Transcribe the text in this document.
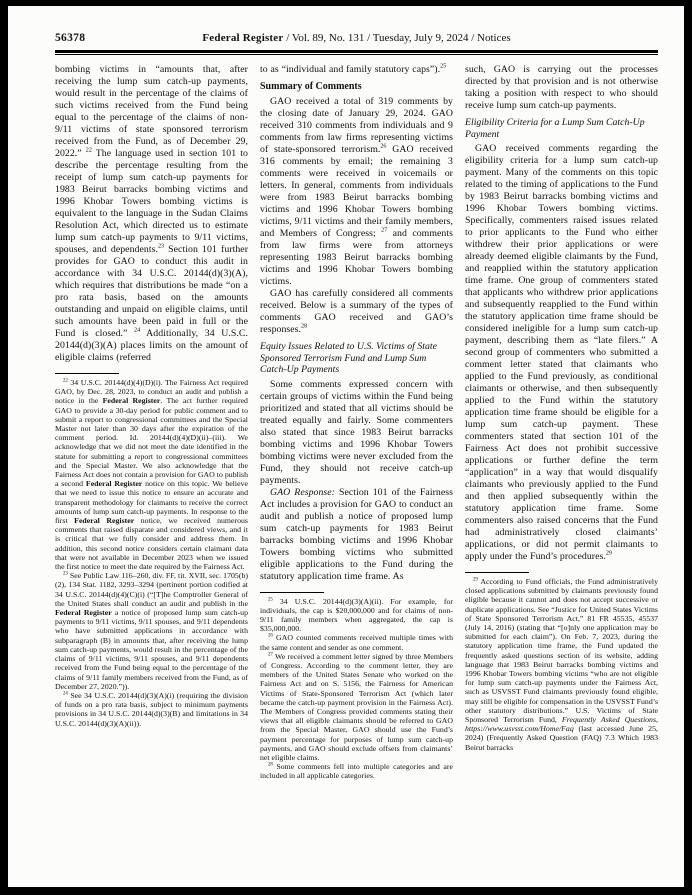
56378	Federal Register / Vol. 89, No. 131 / Tuesday, July 9, 2024 / Notices

bombing victims in “amounts that, after receiving the lump sum catch-up payments, would result in the percentage of the claims of such victims received from the Fund being equal to the percentage of the claims of non-9/11 victims of state sponsored terrorism received from the Fund, as of December 29, 2022.” $^{22}$ The language used in section 101 to describe the percentage resulting from the receipt of lump sum catch-up payments for 1983 Beirut barracks bombing victims and 1996 Khobar Towers bombing victims is equivalent to the language in the Sudan Claims Resolution Act, which directed us to estimate lump sum catch-up payments to 9/11 victims, spouses, and dependents.$^{23}$ Section 101 further provides for GAO to conduct this audit in accordance with 34 U.S.C. 20144(d)(3)(A), which requires that distributions be made “on a pro rata basis, based on the amounts outstanding and unpaid on eligible claims, until such amounts have been paid in full or the Fund is closed.” $^{24}$ Additionally, 34 U.S.C. 20144(d)(3)(A) places limits on the amount of eligible claims (referred

$^{22}$ 34 U.S.C. 20144(d)(4)(D)(i). The Fairness Act required GAO, by Dec. 28, 2023, to conduct an audit and publish a notice in the Federal Register. The act further required GAO to provide a 30-day period for public comment and to submit a report to congressional committees and the Special Master not later than 30 days after the expiration of the comment period. Id. 20144(d)(4)(D)(ii)–(iii). We acknowledge that we did not meet the date identified in the statute for submitting a report to congressional committees and the Special Master. We also acknowledge that the Fairness Act does not contain a provision for GAO to publish a second Federal Register notice on this topic. We believe that we need to issue this notice to ensure an accurate and transparent methodology for claimants to receive the correct amounts of lump sum catch-up payments. In response to the first Federal Register notice, we received numerous comments that raised disparate and considered views, and it is critical that we fully consider and address them. In addition, this second notice considers certain claimant data that were not available in December 2023 when we issued the first notice to meet the date required by the Fairness Act.

$^{23}$ See Public Law 116–260, div. FF, tit. XVII, sec. 1705(b)(2), 134 Stat. 1182, 3293–3294 (pertinent portion codified at 34 U.S.C. 20144(d)(4)(C)(i) (“[T]he Comptroller General of the United States shall conduct an audit and publish in the Federal Register a notice of proposed lump sum catch-up payments to 9/11 victims, 9/11 spouses, and 9/11 dependents who have submitted applications in accordance with subparagraph (B) in amounts that, after receiving the lump sum catch-up payments, would result in the percentage of the claims of 9/11 victims, 9/11 spouses, and 9/11 dependents received from the Fund being equal to the percentage of the claims of 9/11 family members received from the Fund, as of December 27, 2020.”)).

$^{24}$ See 34 U.S.C. 20144(d)(3)(A)(i) (requiring the division of funds on a pro rata basis, subject to minimum payments provisions in 34 U.S.C. 20144(d)(3)(B) and limitations in 34 U.S.C. 20144(d)(3)(A)(ii)).

to as “individual and family statutory caps”).$^{25}$

Summary of Comments

GAO received a total of 319 comments by the closing date of January 29, 2024. GAO received 310 comments from individuals and 9 comments from law firms representing victims of state-sponsored terrorism.$^{26}$ GAO received 316 comments by email; the remaining 3 comments were received in voicemails or letters. In general, comments from individuals were from 1983 Beirut barracks bombing victims and 1996 Khobar Towers bombing victims, 9/11 victims and their family members, and Members of Congress; $^{27}$ and comments from law firms were from attorneys representing 1983 Beirut barracks bombing victims and 1996 Khobar Towers bombing victims.

GAO has carefully considered all comments received. Below is a summary of the types of comments GAO received and GAO’s responses.$^{28}$

Equity Issues Related to U.S. Victims of State Sponsored Terrorism Fund and Lump Sum Catch-Up Payments

Some comments expressed concern with certain groups of victims within the Fund being prioritized and stated that all victims should be treated equally and fairly. Some commenters also stated that since 1983 Beirut barracks bombing victims and 1996 Khobar Towers bombing victims were never excluded from the Fund, they should not receive catch-up payments.

GAO Response: Section 101 of the Fairness Act includes a provision for GAO to conduct an audit and publish a notice of proposed lump sum catch-up payments for 1983 Beirut barracks bombing victims and 1996 Khobar Towers bombing victims who submitted eligible applications to the Fund during the statutory application time frame. As

$^{25}$ 34 U.S.C. 20144(d)(3)(A)(ii). For example, for individuals, the cap is $20,000,000 and for claims of non-9/11 family members when aggregated, the cap is $35,000,000.

$^{26}$ GAO counted comments received multiple times with the same content and sender as one comment.

$^{27}$ We received a comment letter signed by three Members of Congress. According to the comment letter, they are members of the United States Senate who worked on the Fairness Act and on S. 5156, the Fairness for American Victims of State-Sponsored Terrorism Act (which later became the catch-up payment provision in the Fairness Act). The Members of Congress provided comments stating their views that all eligible claimants should be referred to GAO from the Special Master, GAO should use the Fund’s payment percentage for purposes of lump sum catch-up payments, and GAO should exclude offsets from claimants’ net eligible claims.

$^{28}$ Some comments fell into multiple categories and are included in all applicable categories.

such, GAO is carrying out the processes directed by that provision and is not otherwise taking a position with respect to who should receive lump sum catch-up payments.

Eligibility Criteria for a Lump Sum Catch-Up Payment

GAO received comments regarding the eligibility criteria for a lump sum catch-up payment. Many of the comments on this topic related to the timing of applications to the Fund by 1983 Beirut barracks bombing victims and 1996 Khobar Towers bombing victims. Specifically, commenters raised issues related to prior applicants to the Fund who either withdrew their prior applications or were already deemed eligible claimants by the Fund, and reapplied within the statutory application time frame. One group of commenters stated that applicants who withdrew prior applications and subsequently reapplied to the Fund within the statutory application time frame should be considered ineligible for a lump sum catch-up payment, describing them as “late filers.” A second group of commenters who submitted a comment letter stated that claimants who applied to the Fund previously, as conditional claimants or otherwise, and then subsequently applied to the Fund within the statutory application time frame should be eligible for a lump sum catch-up payment. These commenters stated that section 101 of the Fairness Act does not prohibit successive applications or further define the term “application” in a way that would disqualify claimants who previously applied to the Fund and then applied subsequently within the statutory application time frame. Some commenters also raised concerns that the Fund had administratively closed claimants’ applications, or did not permit claimants to apply under the Fund’s procedures.$^{29}$

$^{29}$ According to Fund officials, the Fund administratively closed applications submitted by claimants previously found eligible because it cannot and does not accept successive or duplicate applications. See “Justice for United States Victims of State Sponsored Terrorism Act,” 81 FR 45535, 45537 (July 14, 2016) (stating that “[o]nly one application may be submitted for each claim”). On Feb. 7, 2023, during the statutory application time frame, the Fund updated the frequently asked questions section of its website, adding language that 1983 Beirut barracks bombing victims and 1996 Khobar Towers bombing victims “who are not eligible for lump sum catch-up payments under the Fairness Act, such as USVSST Fund claimants previously found eligible, may still be eligible for compensation in the USVSST Fund’s other statutory distributions.” U.S. Victims of State Sponsored Terrorism Fund, Frequently Asked Questions, https://www.usvsst.com/Home/Faq (last accessed June 25, 2024) (Frequently Asked Question (FAQ) 7.3 Which 1983 Beirut barracks
